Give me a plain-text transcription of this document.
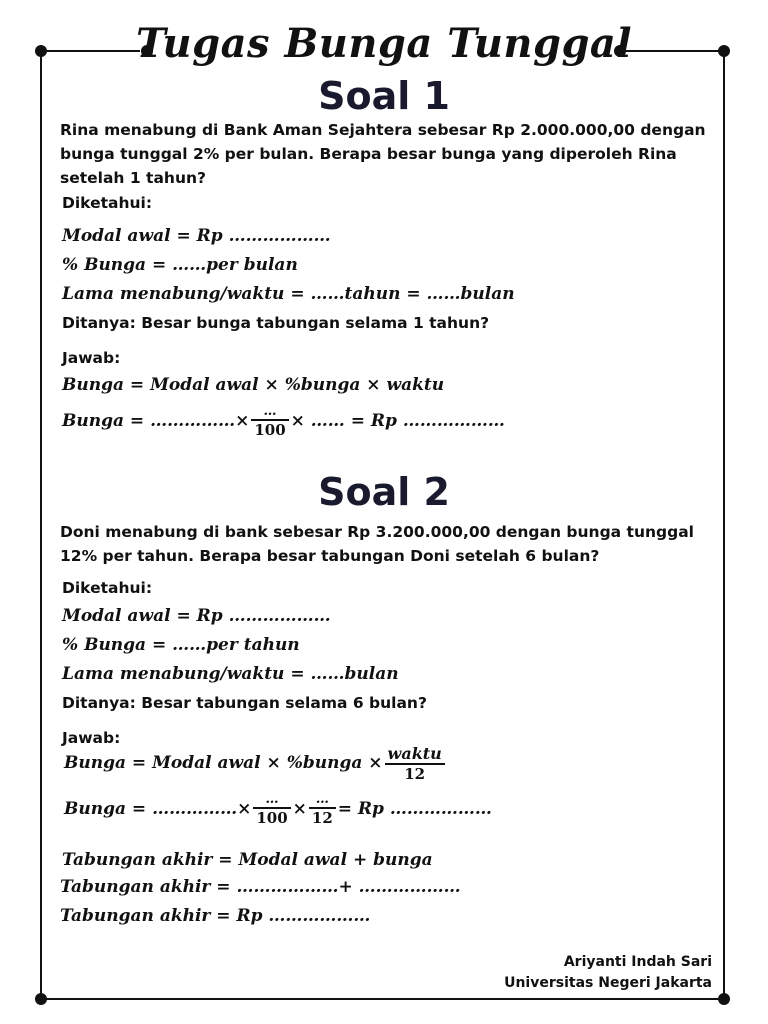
Tugas Bunga Tunggal
Soal 1
Rina menabung di Bank Aman Sejahtera sebesar Rp 2.000.000,00 dengan bunga tunggal 2% per bulan. Berapa besar bunga yang diperoleh Rina setelah 1 tahun?
Diketahui:
Modal awal = Rp ………………
% Bunga = ……per bulan
Lama menabung/waktu = ……tahun = ……bulan
Ditanya: Besar bunga tabungan selama 1 tahun?
Jawab:
Bunga = Modal awal × %bunga × waktu
Bunga = ……………× $\frac{\dots}{100}$ × …… = Rp ………………
Soal 2
Doni menabung di bank sebesar Rp 3.200.000,00 dengan bunga tunggal 12% per tahun. Berapa besar tabungan Doni setelah 6 bulan?
Diketahui:
Modal awal = Rp ………………
% Bunga = ……per tahun
Lama menabung/waktu = ……bulan
Ditanya: Besar tabungan selama 6 bulan?
Jawab:
Bunga = Modal awal × %bunga × $\frac{\text{waktu}}{12}$
Bunga = ……………× $\frac{\dots}{100} \times \frac{\dots}{12} = Rp$ ………………
Tabungan akhir = Modal awal + bunga
Tabungan akhir = ………………+ ………………
Tabungan akhir = Rp ………………
Ariyanti Indah Sari
Universitas Negeri Jakarta
